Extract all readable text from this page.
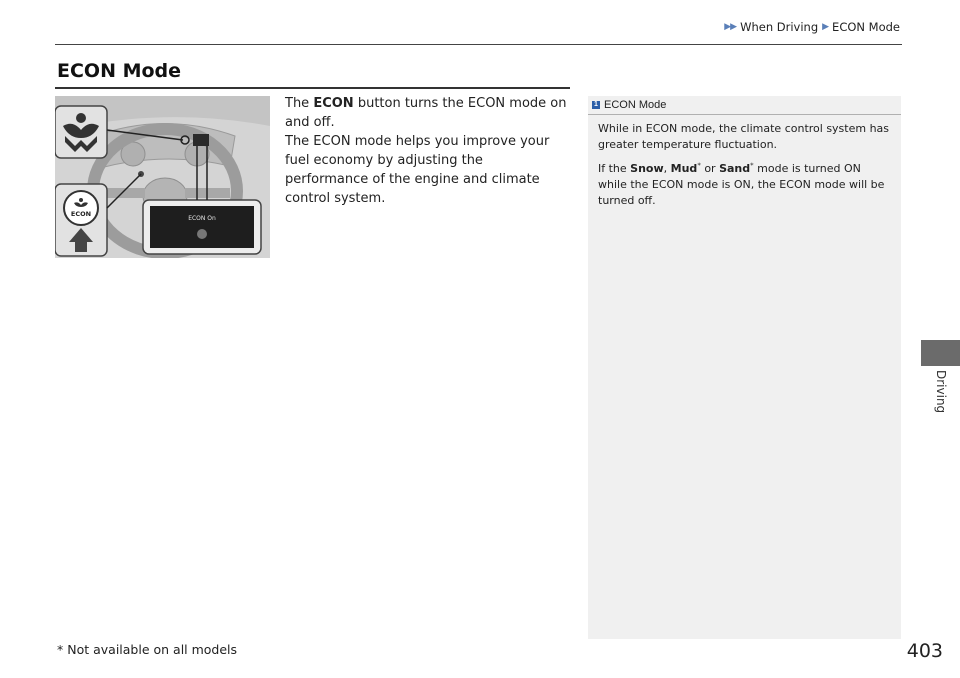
▶▶ When Driving ▶ ECON Mode
ECON Mode
ECON
ECON On

The ECON button turns the ECON mode on and off.

The ECON mode helps you improve your fuel economy by adjusting the performance of the engine and climate control system.

1 ECON Mode

While in ECON mode, the climate control system has greater temperature fluctuation.

If the Snow, Mud* or Sand* mode is turned ON while the ECON mode is ON, the ECON mode will be turned off.

* Not available on all models	403
Driving
